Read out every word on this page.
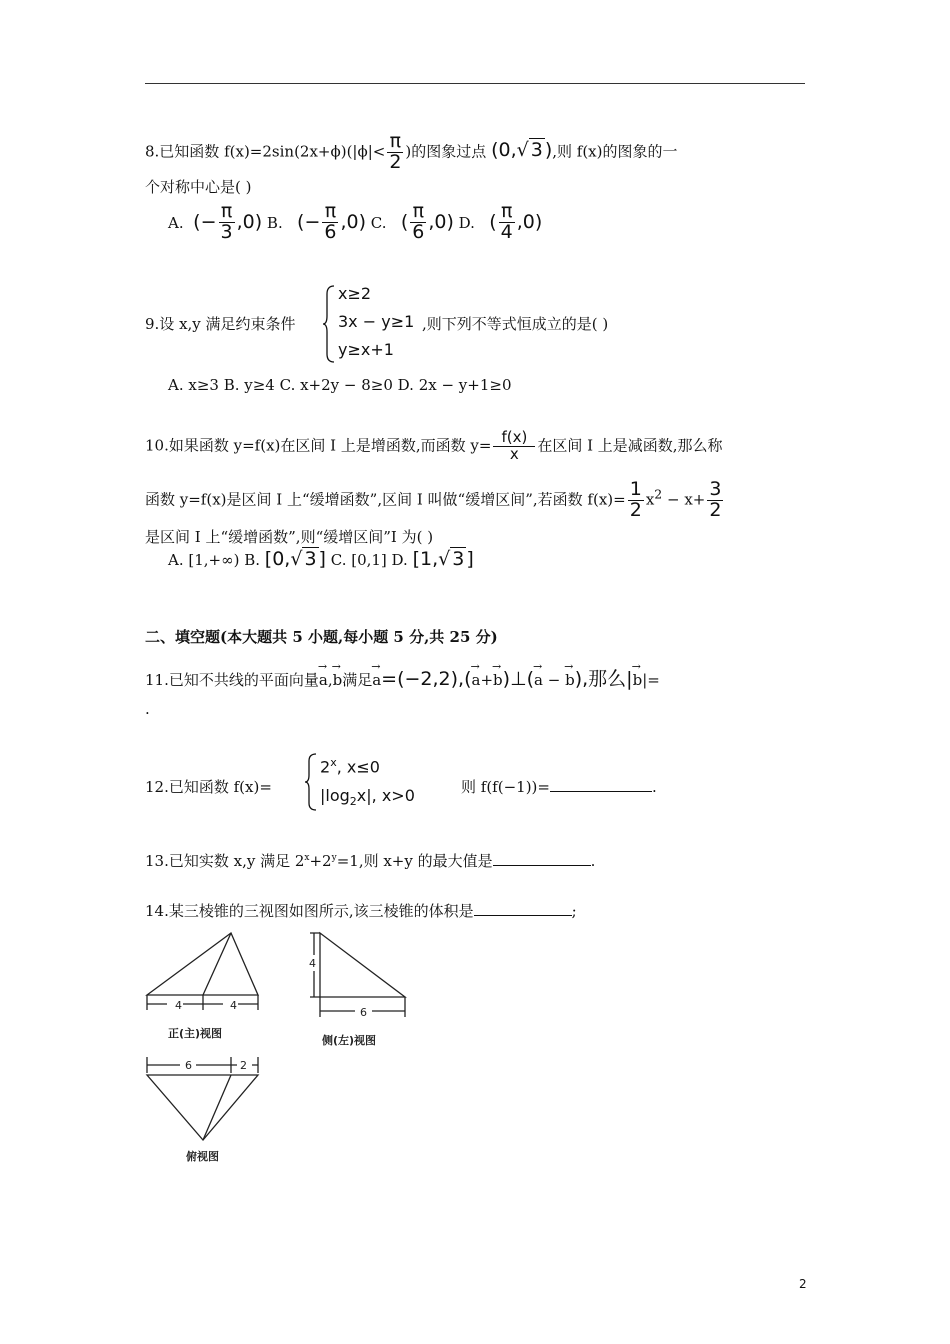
8.已知函数 $f(x)=2\sin(2x+\phi)(|\phi|< \frac{\pi}{2}$ )的图象过点 (0,√ 3 ),则 f(x)的图象的一
个对称中心是( )
A. (− $\frac{\pi}{3} ,0$) B. (− $\frac{\pi}{6} ,0$) C. ( $\frac{\pi}{6} ,0$) D. ( $\frac{\pi}{4} ,0$)
9.设 x,y 满足约束条件
x≥2
3x − y≥1
y≥x+1
,则下列不等式恒成立的是( )
A. x≥3 B. y≥4 C. x+2y − 8≥0 D. 2x − y+1≥0
10.如果函数 y=f(x)在区间 I 上是增函数,而函数 $y= \frac{f(x)}{x}$ 在区间 I 上是减函数,那么称
函数 y=f(x)是区间 I 上“缓增函数”,区间 I 叫做“缓增区间”,若函数 $f(x)= \frac{1}{2} x^2 - x+ \frac{3}{2}$
是区间 I 上“缓增函数”,则“缓增区间”I 为( )
A. [1,+∞) B. [0,√ 3 ] C. [0,1] D. [1,√ 3 ]
二、填空题(本大题共 5 小题,每小题 5 分,共 25 分)
11.已知不共线的平面向量→ a,→ b满足→ a=(−2,2),(→ a+→ b)⊥(→ a − → b),那么|→ b|=
.
12.已知函数 f(x)=
$2^x$, x≤0
$|\log_2x|$, x>0	则 f(f(−1))=	.
13.已知实数 x,y 满足 $2^x+2^y=1$,则 x+y 的最大值是	.
14.某三棱锥的三视图如图所示,该三棱锥的体积是	;
4	4
4
6
6	2
正(主)视图
侧(左)视图
俯视图
2
